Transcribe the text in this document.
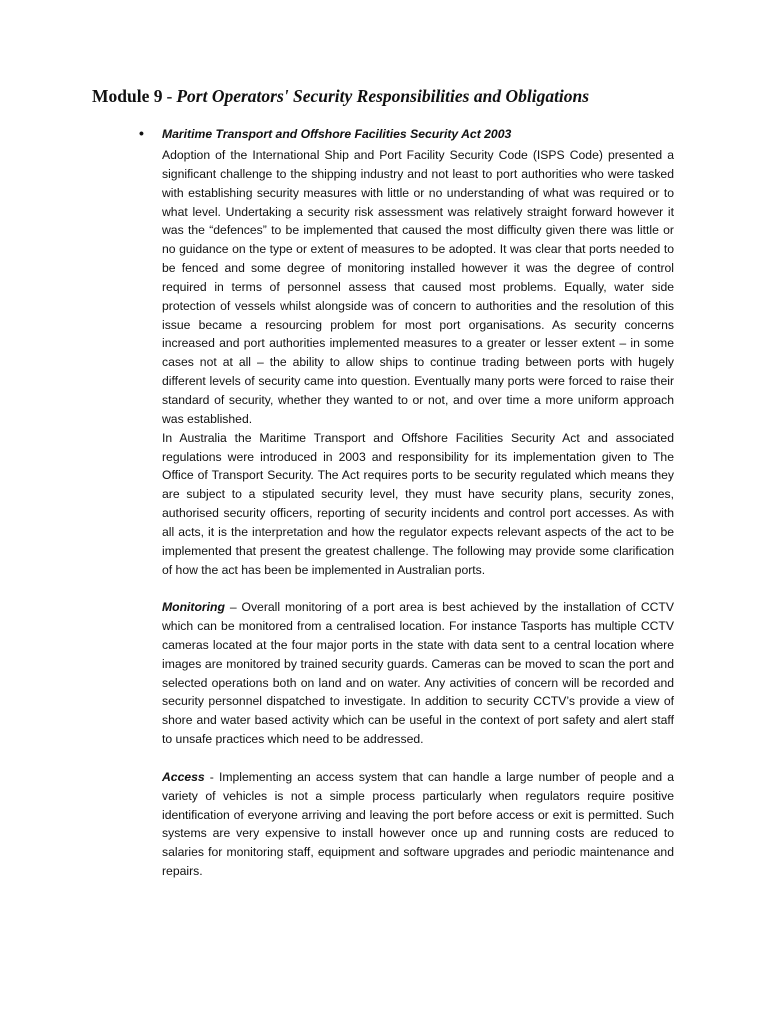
Module 9 - Port Operators' Security Responsibilities and Obligations
• Maritime Transport and Offshore Facilities Security Act 2003

Adoption of the International Ship and Port Facility Security Code (ISPS Code) presented a significant challenge to the shipping industry and not least to port authorities who were tasked with establishing security measures with little or no understanding of what was required or to what level. Undertaking a security risk assessment was relatively straight forward however it was the “defences” to be implemented that caused the most difficulty given there was little or no guidance on the type or extent of measures to be adopted. It was clear that ports needed to be fenced and some degree of monitoring installed however it was the degree of control required in terms of personnel assess that caused most problems. Equally, water side protection of vessels whilst alongside was of concern to authorities and the resolution of this issue became a resourcing problem for most port organisations. As security concerns increased and port authorities implemented measures to a greater or lesser extent – in some cases not at all – the ability to allow ships to continue trading between ports with hugely different levels of security came into question. Eventually many ports were forced to raise their standard of security, whether they wanted to or not, and over time a more uniform approach was established.

In Australia the Maritime Transport and Offshore Facilities Security Act and associated regulations were introduced in 2003 and responsibility for its implementation given to The Office of Transport Security. The Act requires ports to be security regulated which means they are subject to a stipulated security level, they must have security plans, security zones, authorised security officers, reporting of security incidents and control port accesses. As with all acts, it is the interpretation and how the regulator expects relevant aspects of the act to be implemented that present the greatest challenge. The following may provide some clarification of how the act has been be implemented in Australian ports.

Monitoring – Overall monitoring of a port area is best achieved by the installation of CCTV which can be monitored from a centralised location. For instance Tasports has multiple CCTV cameras located at the four major ports in the state with data sent to a central location where images are monitored by trained security guards. Cameras can be moved to scan the port and selected operations both on land and on water. Any activities of concern will be recorded and security personnel dispatched to investigate. In addition to security CCTV’s provide a view of shore and water based activity which can be useful in the context of port safety and alert staff to unsafe practices which need to be addressed.

Access - Implementing an access system that can handle a large number of people and a variety of vehicles is not a simple process particularly when regulators require positive identification of everyone arriving and leaving the port before access or exit is permitted. Such systems are very expensive to install however once up and running costs are reduced to salaries for monitoring staff, equipment and software upgrades and periodic maintenance and repairs.
